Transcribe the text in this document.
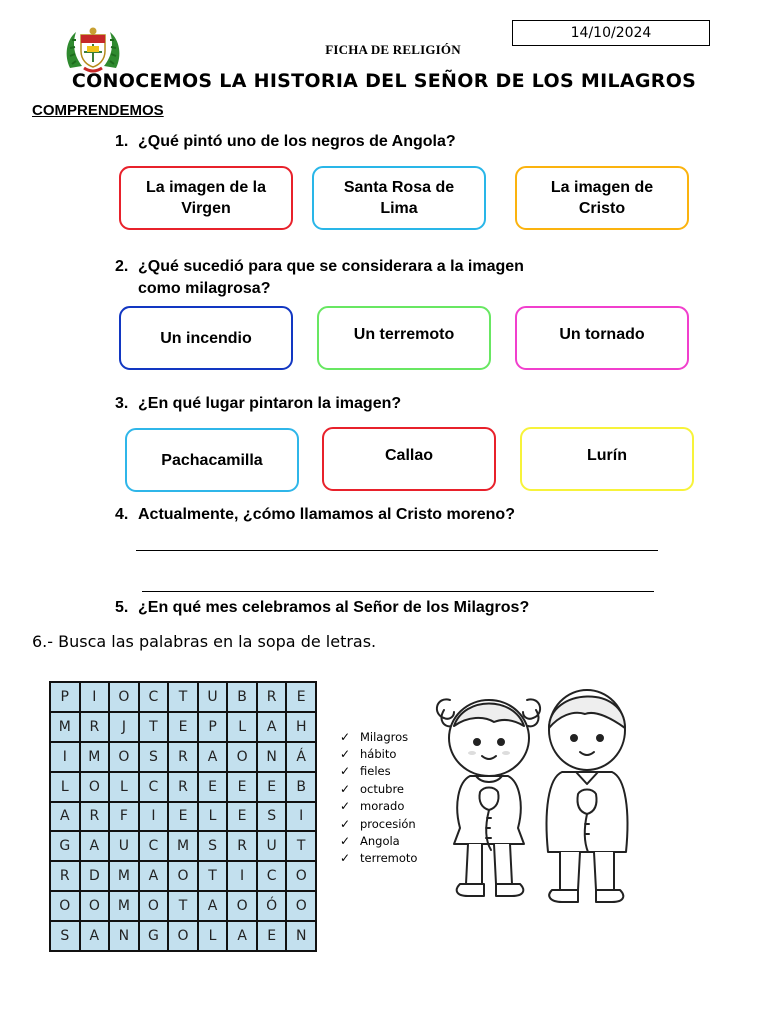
14/10/2024
FICHA DE RELIGIÓN
CONOCEMOS LA HISTORIA DEL SEÑOR DE LOS MILAGROS
COMPRENDEMOS
1. ¿Qué pintó uno de los negros de Angola?
La imagen de la
Virgen
Santa Rosa de
Lima
La imagen de
Cristo
2. ¿Qué sucedió para que se considerara a la imagen
como milagrosa?
Un incendio	Un terremoto	Un tornado
3. ¿En qué lugar pintaron la imagen?
Pachacamilla	Callao	Lurín
4. Actualmente, ¿cómo llamamos al Cristo moreno?
5. ¿En qué mes celebramos al Señor de los Milagros?
6.- Busca las palabras en la sopa de letras.
P	I	O	C	T	U	B	R	E
M	R	J	T	E	P	L	A	H
I	M	O	S	R	A	O	N	Á
L	O	L	C	R	E	E	E	B
A	R	F	I	E	L	E	S	I
G	A	U	C	M	S	R	U	T
R	D	M	A	O	T	I	C	O
O	O	M	O	T	A	O	Ó	O
S	A	N	G	O	L	A	E	N
✓ Milagros
✓ hábito
✓ fieles
✓ octubre
✓ morado
✓ procesión
✓ Angola
✓ terremoto
